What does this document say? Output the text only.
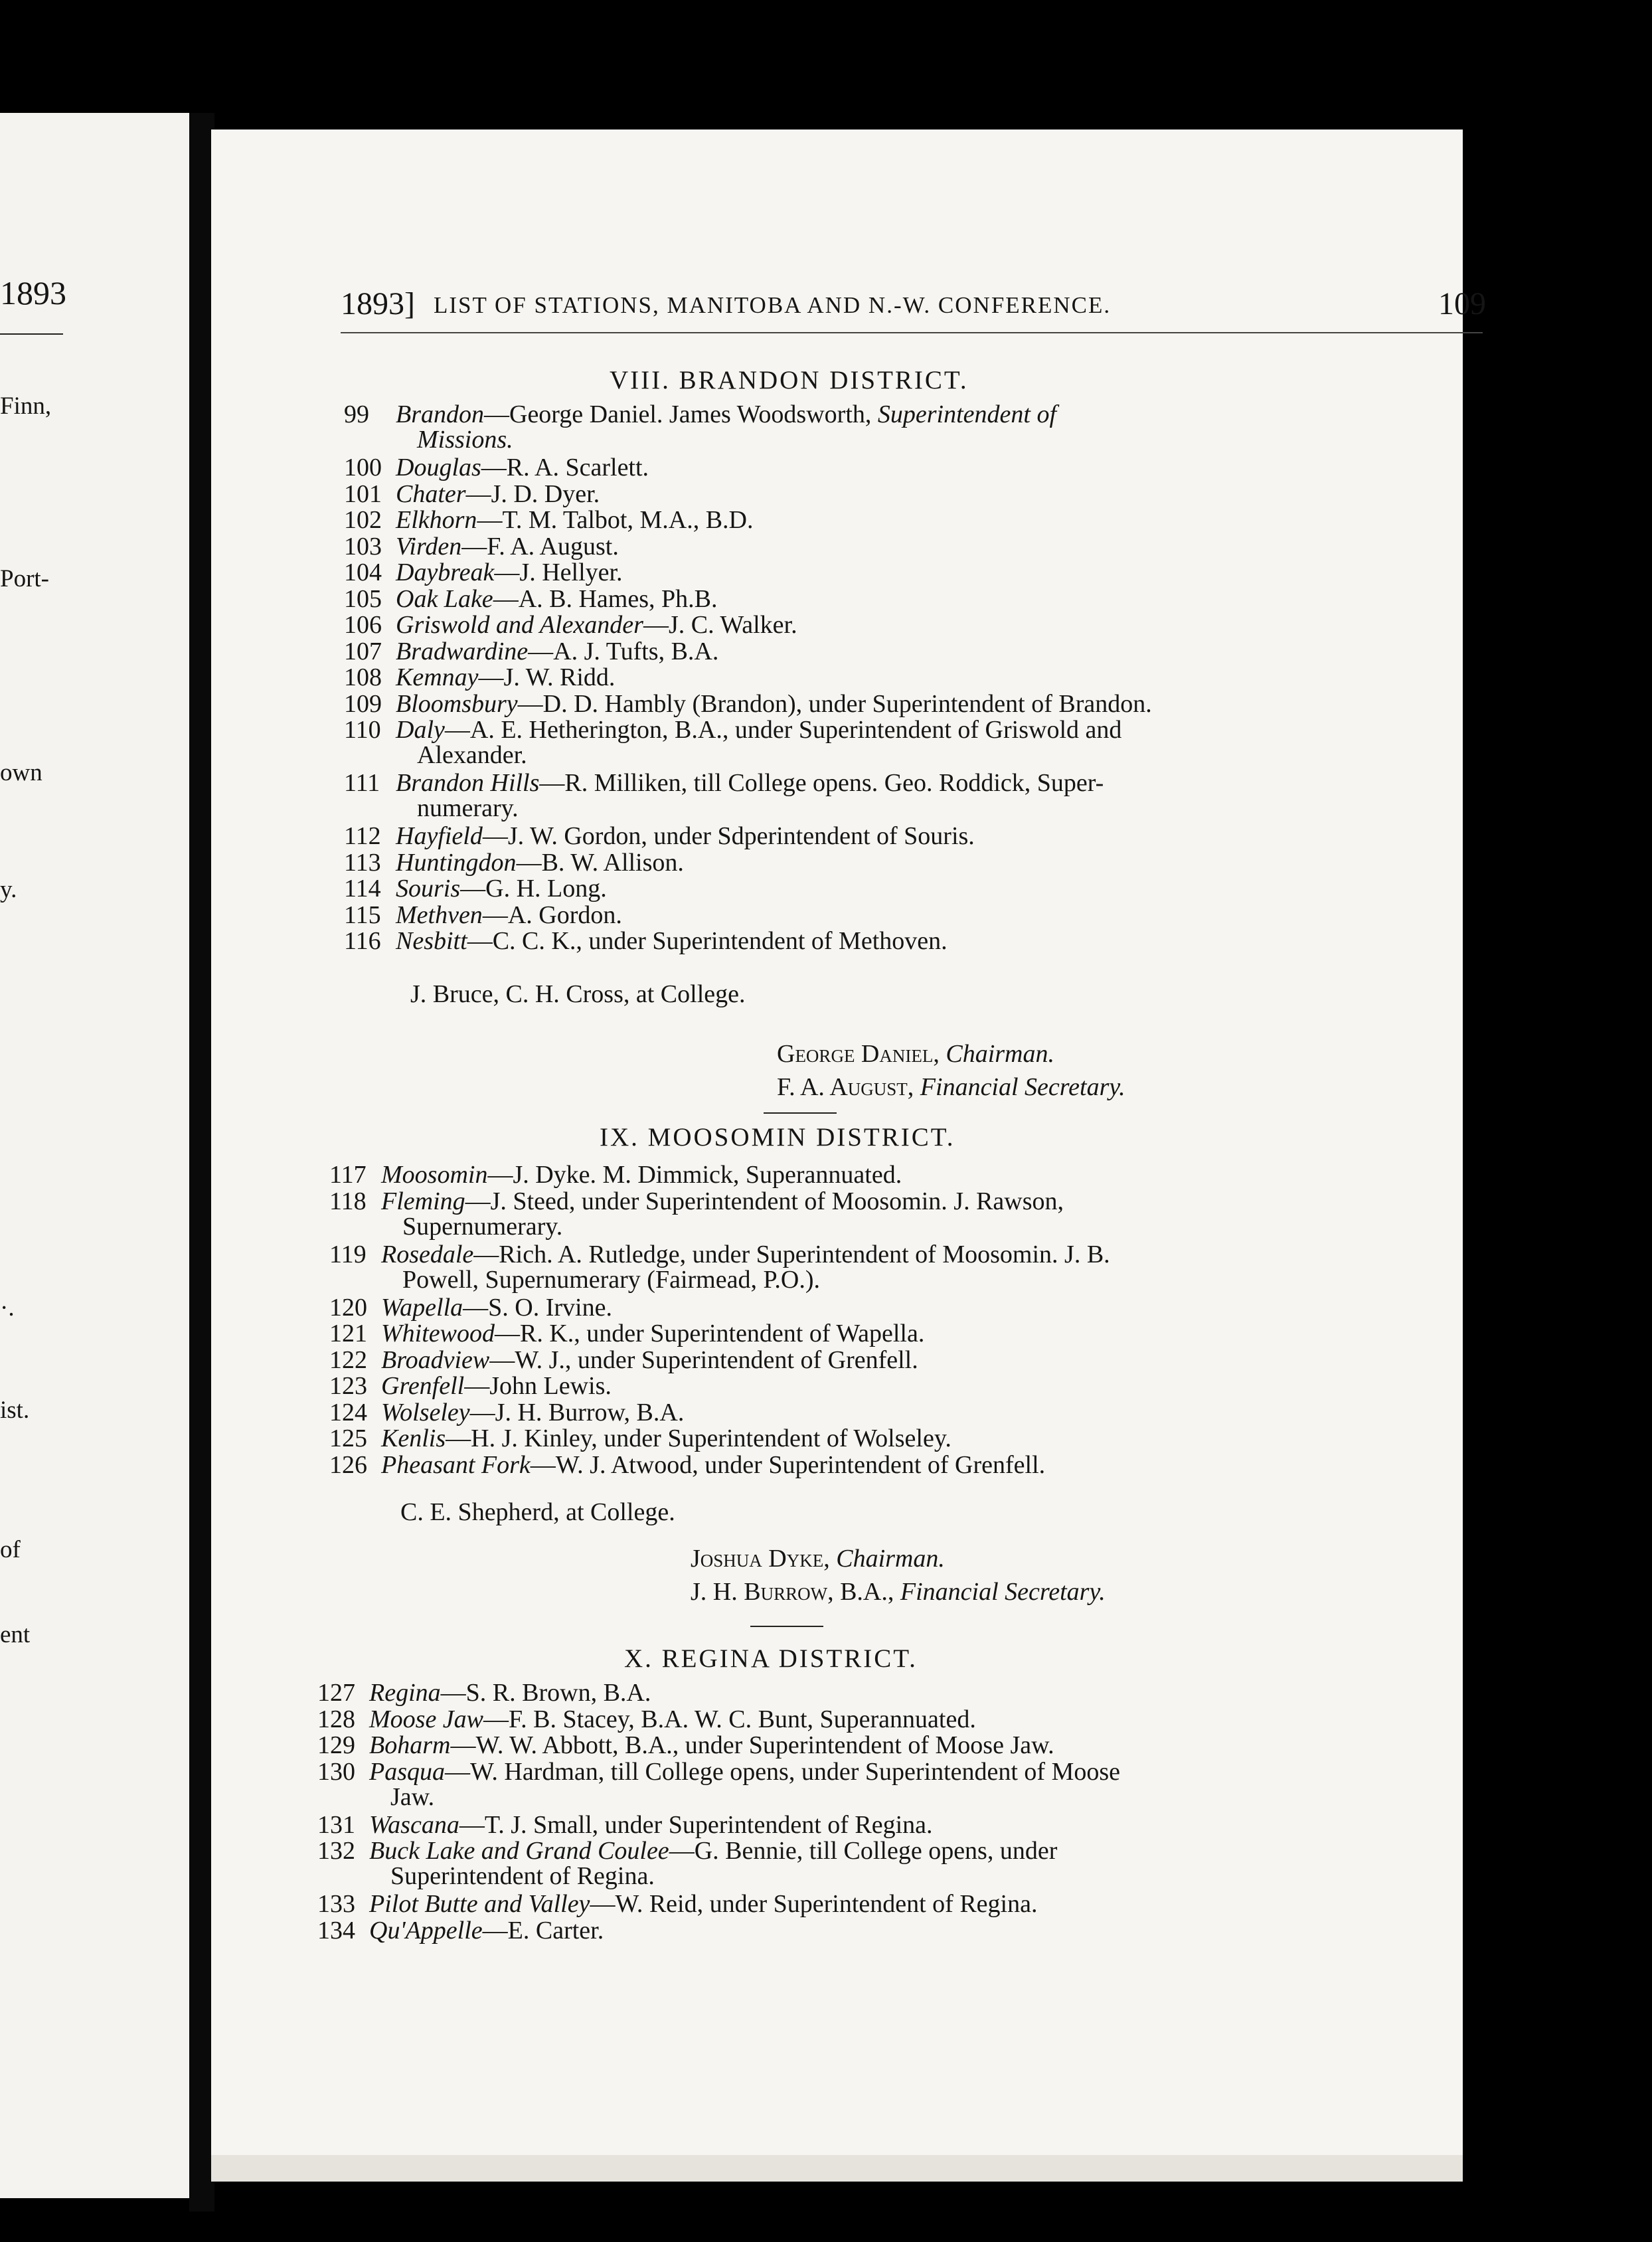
1893
Finn,
Port-
own
y.
·.
ist.
of
ent
1893] LIST OF STATIONS, MANITOBA AND N.-W. CONFERENCE.	109
VIII. BRANDON DISTRICT.
99 Brandon—George Daniel. James Woodsworth, Superintendent of
Missions.
100 Douglas—R. A. Scarlett.
101 Chater—J. D. Dyer.
102 Elkhorn—T. M. Talbot, M.A., B.D.
103 Virden—F. A. August.
104 Daybreak—J. Hellyer.
105 Oak Lake—A. B. Hames, Ph.B.
106 Griswold and Alexander—J. C. Walker.
107 Bradwardine—A. J. Tufts, B.A.
108 Kemnay—J. W. Ridd.
109 Bloomsbury—D. D. Hambly (Brandon), under Superintendent of Brandon.
110 Daly—A. E. Hetherington, B.A., under Superintendent of Griswold and
Alexander.
111 Brandon Hills—R. Milliken, till College opens. Geo. Roddick, Super-
numerary.
112 Hayfield—J. W. Gordon, under Sdperintendent of Souris.
113 Huntingdon—B. W. Allison.
114 Souris—G. H. Long.
115 Methven—A. Gordon.
116 Nesbitt—C. C. K., under Superintendent of Methoven.
J. Bruce, C. H. Cross, at College.
George Daniel, Chairman.
F. A. August, Financial Secretary.
IX. MOOSOMIN DISTRICT.
117 Moosomin—J. Dyke. M. Dimmick, Superannuated.
118 Fleming—J. Steed, under Superintendent of Moosomin. J. Rawson,
Supernumerary.
119 Rosedale—Rich. A. Rutledge, under Superintendent of Moosomin. J. B.
Powell, Supernumerary (Fairmead, P.O.).
120 Wapella—S. O. Irvine.
121 Whitewood—R. K., under Superintendent of Wapella.
122 Broadview—W. J., under Superintendent of Grenfell.
123 Grenfell—John Lewis.
124 Wolseley—J. H. Burrow, B.A.
125 Kenlis—H. J. Kinley, under Superintendent of Wolseley.
126 Pheasant Fork—W. J. Atwood, under Superintendent of Grenfell.
C. E. Shepherd, at College.
Joshua Dyke, Chairman.
J. H. Burrow, B.A., Financial Secretary.
X. REGINA DISTRICT.
127 Regina—S. R. Brown, B.A.
128 Moose Jaw—F. B. Stacey, B.A. W. C. Bunt, Superannuated.
129 Boharm—W. W. Abbott, B.A., under Superintendent of Moose Jaw.
130 Pasqua—W. Hardman, till College opens, under Superintendent of Moose
Jaw.
131 Wascana—T. J. Small, under Superintendent of Regina.
132 Buck Lake and Grand Coulee—G. Bennie, till College opens, under
Superintendent of Regina.
133 Pilot Butte and Valley—W. Reid, under Superintendent of Regina.
134 Qu'Appelle—E. Carter.
